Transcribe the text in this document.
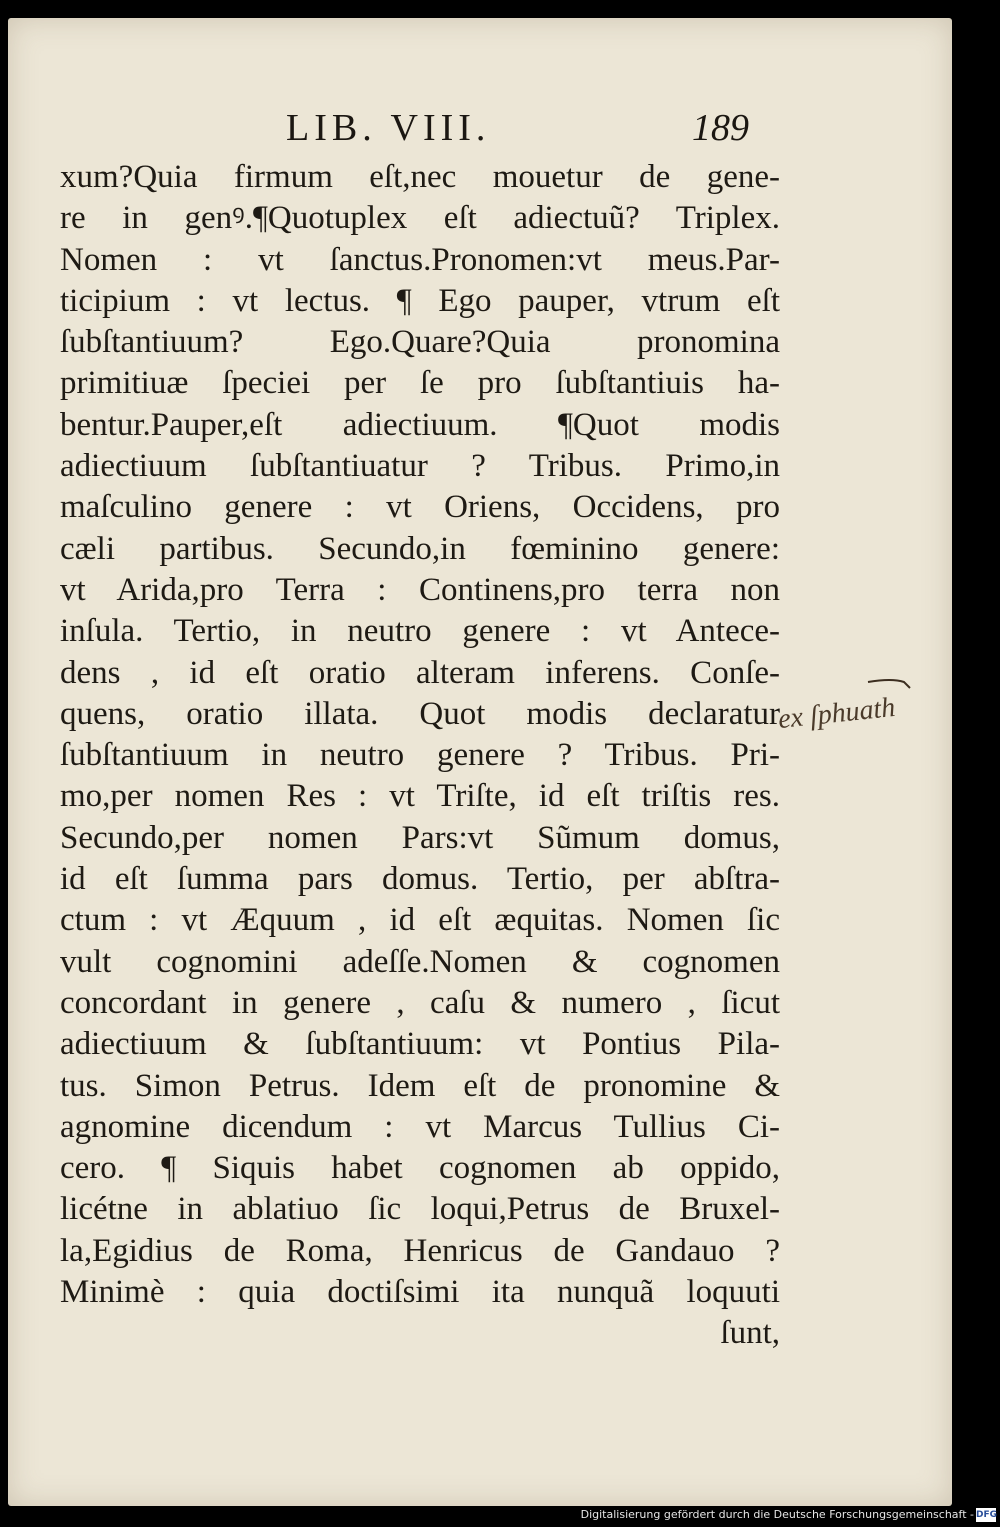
LIB. VIII.	189
xum?Quia firmum eſt,nec mouetur de gene-
re in genꝰ.¶Quotuplex eſt adiectuũ? Triplex.
Nomen : vt ſanctus.Pronomen:vt meus.Par-
ticipium : vt lectus. ¶ Ego pauper, vtrum eſt
ſubſtantiuum? Ego.Quare?Quia pronomina
primitiuæ ſpeciei per ſe pro ſubſtantiuis ha-
bentur.Pauper,eſt adiectiuum. ¶Quot modis
adiectiuum ſubſtantiuatur ? Tribus. Primo,in
maſculino genere : vt Oriens, Occidens, pro
cæli partibus. Secundo,in fœminino genere:
vt Arida,pro Terra : Continens,pro terra non
inſula. Tertio, in neutro genere : vt Antece-
dens , id eſt oratio alteram inferens. Conſe-
quens, oratio illata. Quot modis declaratur
ſubſtantiuum in neutro genere ? Tribus. Pri-
mo,per nomen Res : vt Triſte, id eſt triſtis res.
Secundo,per nomen Pars:vt Sũmum domus,
id eſt ſumma pars domus. Tertio, per abſtra-
ctum : vt Æquum , id eſt æquitas. Nomen ſic
vult cognomini adeſſe.Nomen & cognomen
concordant in genere , caſu & numero , ſicut
adiectiuum & ſubſtantiuum: vt Pontius Pila-
tus. Simon Petrus. Idem eſt de pronomine &
agnomine dicendum : vt Marcus Tullius Ci-
cero. ¶ Siquis habet cognomen ab oppido,
licétne in ablatiuo ſic loqui,Petrus de Bruxel-
la,Egidius de Roma, Henricus de Gandauo ?
Minimè : quia doctiſsimi ita nunquã loquuti
ſunt,
ex ſphuath
Digitalisierung gefördert durch die Deutsche Forschungsgemeinschaft - DFG
